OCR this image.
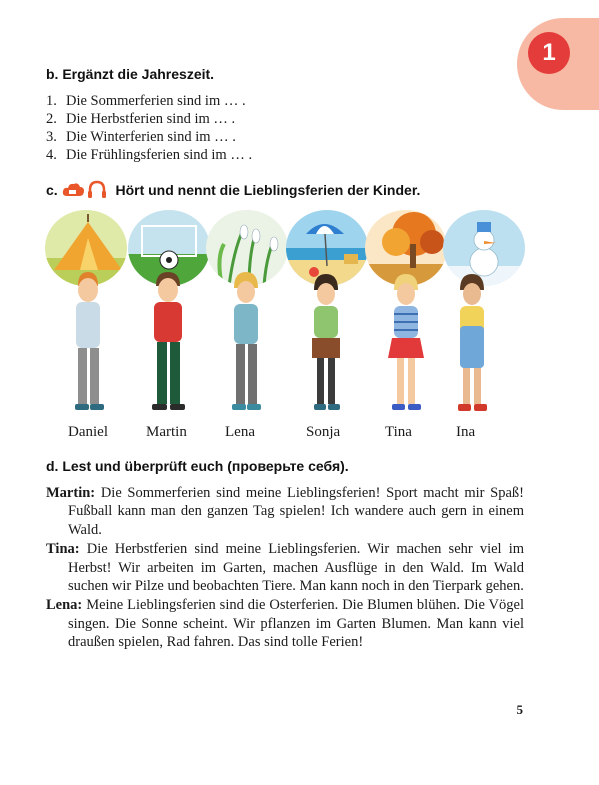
1
b. Ergänzt die Jahreszeit.
1. Die Sommerferien sind im … .
2. Die Herbstferien sind im … .
3. Die Winterferien sind im … .
4. Die Frühlingsferien sind im … .
c.	Hört und nennt die Lieblingsferien der Kinder.
Daniel	Martin	Lena	Sonja	Tina	Ina
d. Lest und überprüft euch (проверьте себя).

Martin: Die Sommerferien sind meine Lieblingsferien! Sport macht mir Spaß! Fußball kann man den ganzen Tag spielen! Ich wandere auch gern in einem Wald.

Tina: Die Herbstferien sind meine Lieblingsferien. Wir machen sehr viel im Herbst! Wir arbeiten im Garten, machen Ausflüge in den Wald. Im Wald suchen wir Pilze und beobachten Tiere. Man kann noch in den Tierpark gehen.

Lena: Meine Lieblingsferien sind die Osterferien. Die Blumen blühen. Die Vögel singen. Die Sonne scheint. Wir pflanzen im Garten Blumen. Man kann viel draußen spielen, Rad fahren. Das sind tolle Ferien!

5
